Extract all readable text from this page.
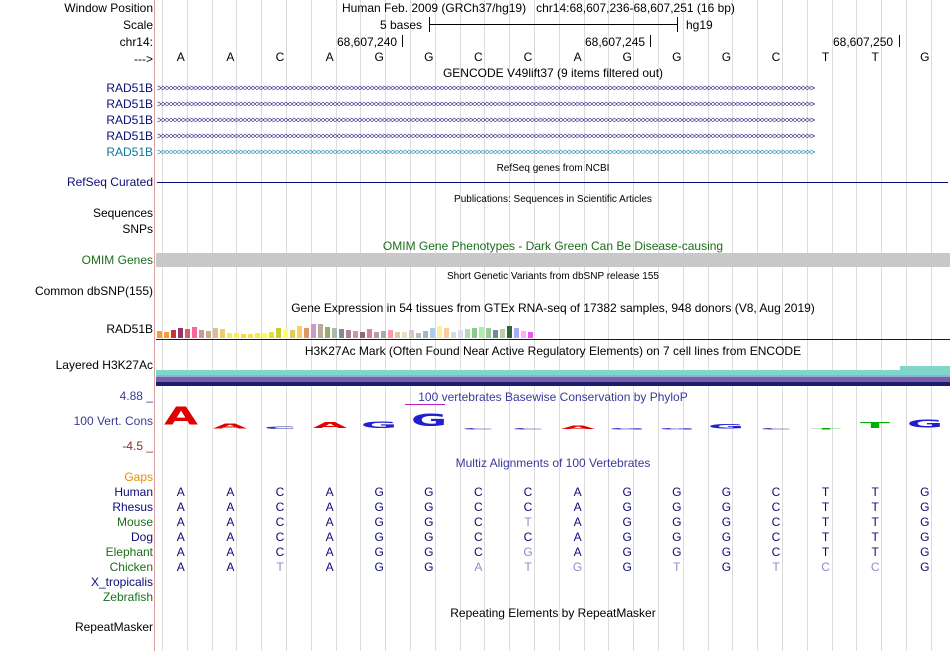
Window Position
Scale
chr14:
--->
Human Feb. 2009 (GRCh37/hg19)   chr14:68,607,236-68,607,251 (16 bp)
5 bases	hg19
68,607,240	68,607,245	68,607,250
A	A	C	A	G	G	C	C	A	G	G	G	C	T	T	G
GENCODE V49lift37 (9 items filtered out)
RAD51B >>>>>>>>>>>>>>>>>>>>>>>>>>>>>>>>>>>>>>>>>>>>>>>>>>>>>>>>>>>>>>>>>>>>>>>>>>>>>>>>>>>>>>>>>>>>>>>>>>>>>>>>>>>>>>>>>>>>>>>>>>>>>>>>>>>>>>>>>>>>>>>>>>>>>>>>>>>>>>>>
RAD51B >>>>>>>>>>>>>>>>>>>>>>>>>>>>>>>>>>>>>>>>>>>>>>>>>>>>>>>>>>>>>>>>>>>>>>>>>>>>>>>>>>>>>>>>>>>>>>>>>>>>>>>>>>>>>>>>>>>>>>>>>>>>>>>>>>>>>>>>>>>>>>>>>>>>>>>>>>>>>>>>
RAD51B >>>>>>>>>>>>>>>>>>>>>>>>>>>>>>>>>>>>>>>>>>>>>>>>>>>>>>>>>>>>>>>>>>>>>>>>>>>>>>>>>>>>>>>>>>>>>>>>>>>>>>>>>>>>>>>>>>>>>>>>>>>>>>>>>>>>>>>>>>>>>>>>>>>>>>>>>>>>>>>>
RAD51B >>>>>>>>>>>>>>>>>>>>>>>>>>>>>>>>>>>>>>>>>>>>>>>>>>>>>>>>>>>>>>>>>>>>>>>>>>>>>>>>>>>>>>>>>>>>>>>>>>>>>>>>>>>>>>>>>>>>>>>>>>>>>>>>>>>>>>>>>>>>>>>>>>>>>>>>>>>>>>>>
RAD51B >>>>>>>>>>>>>>>>>>>>>>>>>>>>>>>>>>>>>>>>>>>>>>>>>>>>>>>>>>>>>>>>>>>>>>>>>>>>>>>>>>>>>>>>>>>>>>>>>>>>>>>>>>>>>>>>>>>>>>>>>>>>>>>>>>>>>>>>>>>>>>>>>>>>>>>>>>>>>>>>
RefSeq genes from NCBI
RefSeq Curated
Publications: Sequences in Scientific Articles
Sequences
SNPs
OMIM Gene Phenotypes - Dark Green Can Be Disease-causing
OMIM Genes
Short Genetic Variants from dbSNP release 155
Common dbSNP(155)
Gene Expression in 54 tissues from GTEx RNA-seq of 17382 samples, 948 donors (V8, Aug 2019)
RAD51B
H3K27Ac Mark (Often Found Near Active Regulatory Elements) on 7 cell lines from ENCODE
Layered H3K27Ac
100 vertebrates Basewise Conservation by PhyloP
4.88 _
100 Vert. Cons
-4.5 _
A A C A G G C C A G G G C T T G
Multiz Alignments of 100 Vertebrates
Gaps
Human	A	A	C	A	G	G	C	C	A	G	G	G	C	T	T	G
Rhesus	A	A	C	A	G	G	C	C	A	G	G	G	C	T	T	G
Mouse	A	A	C	A	G	G	C	T	A	G	G	G	C	T	T	G
Dog	A	A	C	A	G	G	C	C	A	G	G	G	C	T	T	G
Elephant	A	A	C	A	G	G	C	G	A	G	G	G	C	T	T	G
Chicken	A	A	T	A	G	G	A	T	G	G	T	G	T	C	C	G
X_tropicalis
Zebrafish
Repeating Elements by RepeatMasker
RepeatMasker
